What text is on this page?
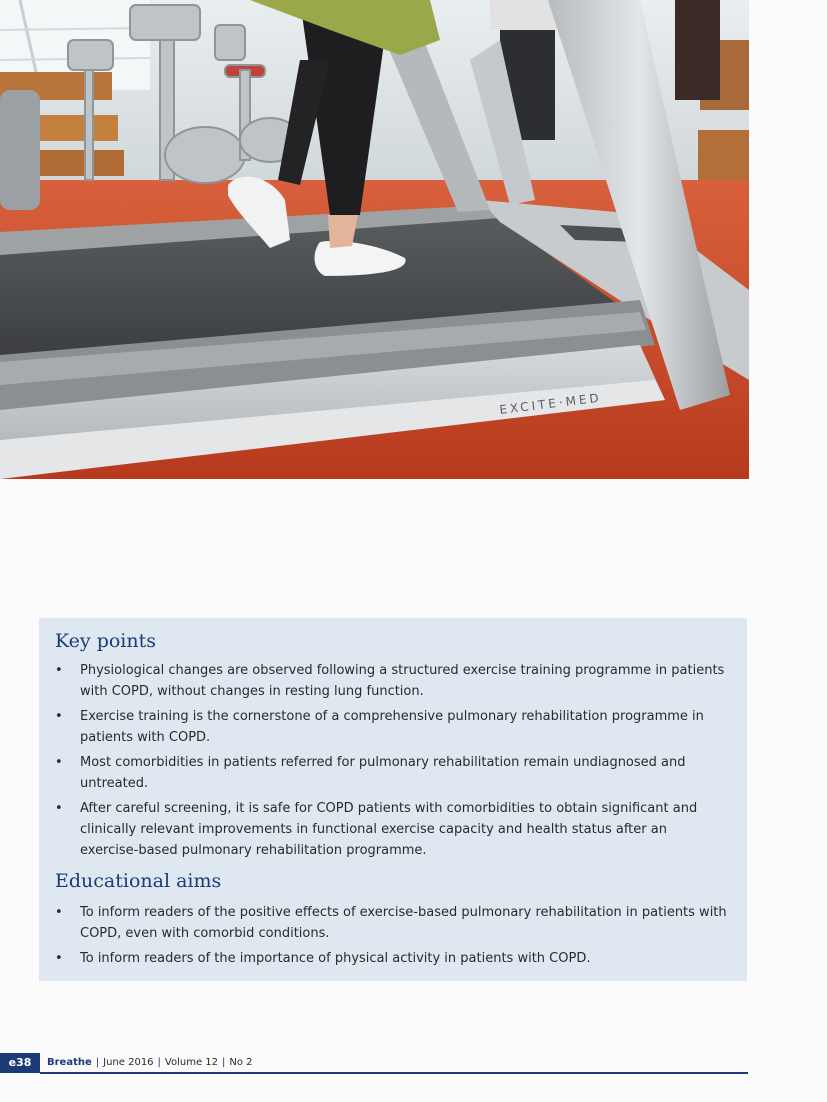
EXCITE·MED
Key points
• Physiological changes are observed following a structured exercise training programme in patients with COPD, without changes in resting lung function.
• Exercise training is the cornerstone of a comprehensive pulmonary rehabilitation programme in patients with COPD.
• Most comorbidities in patients referred for pulmonary rehabilitation remain undiagnosed and untreated.
• After careful screening, it is safe for COPD patients with comorbidities to obtain significant and clinically relevant improvements in functional exercise capacity and health status after an exercise-based pulmonary rehabilitation programme.
Educational aims
• To inform readers of the positive effects of exercise-based pulmonary rehabilitation in patients with COPD, even with comorbid conditions.
• To inform readers of the importance of physical activity in patients with COPD.
e38	Breathe | June 2016 | Volume 12 | No 2
